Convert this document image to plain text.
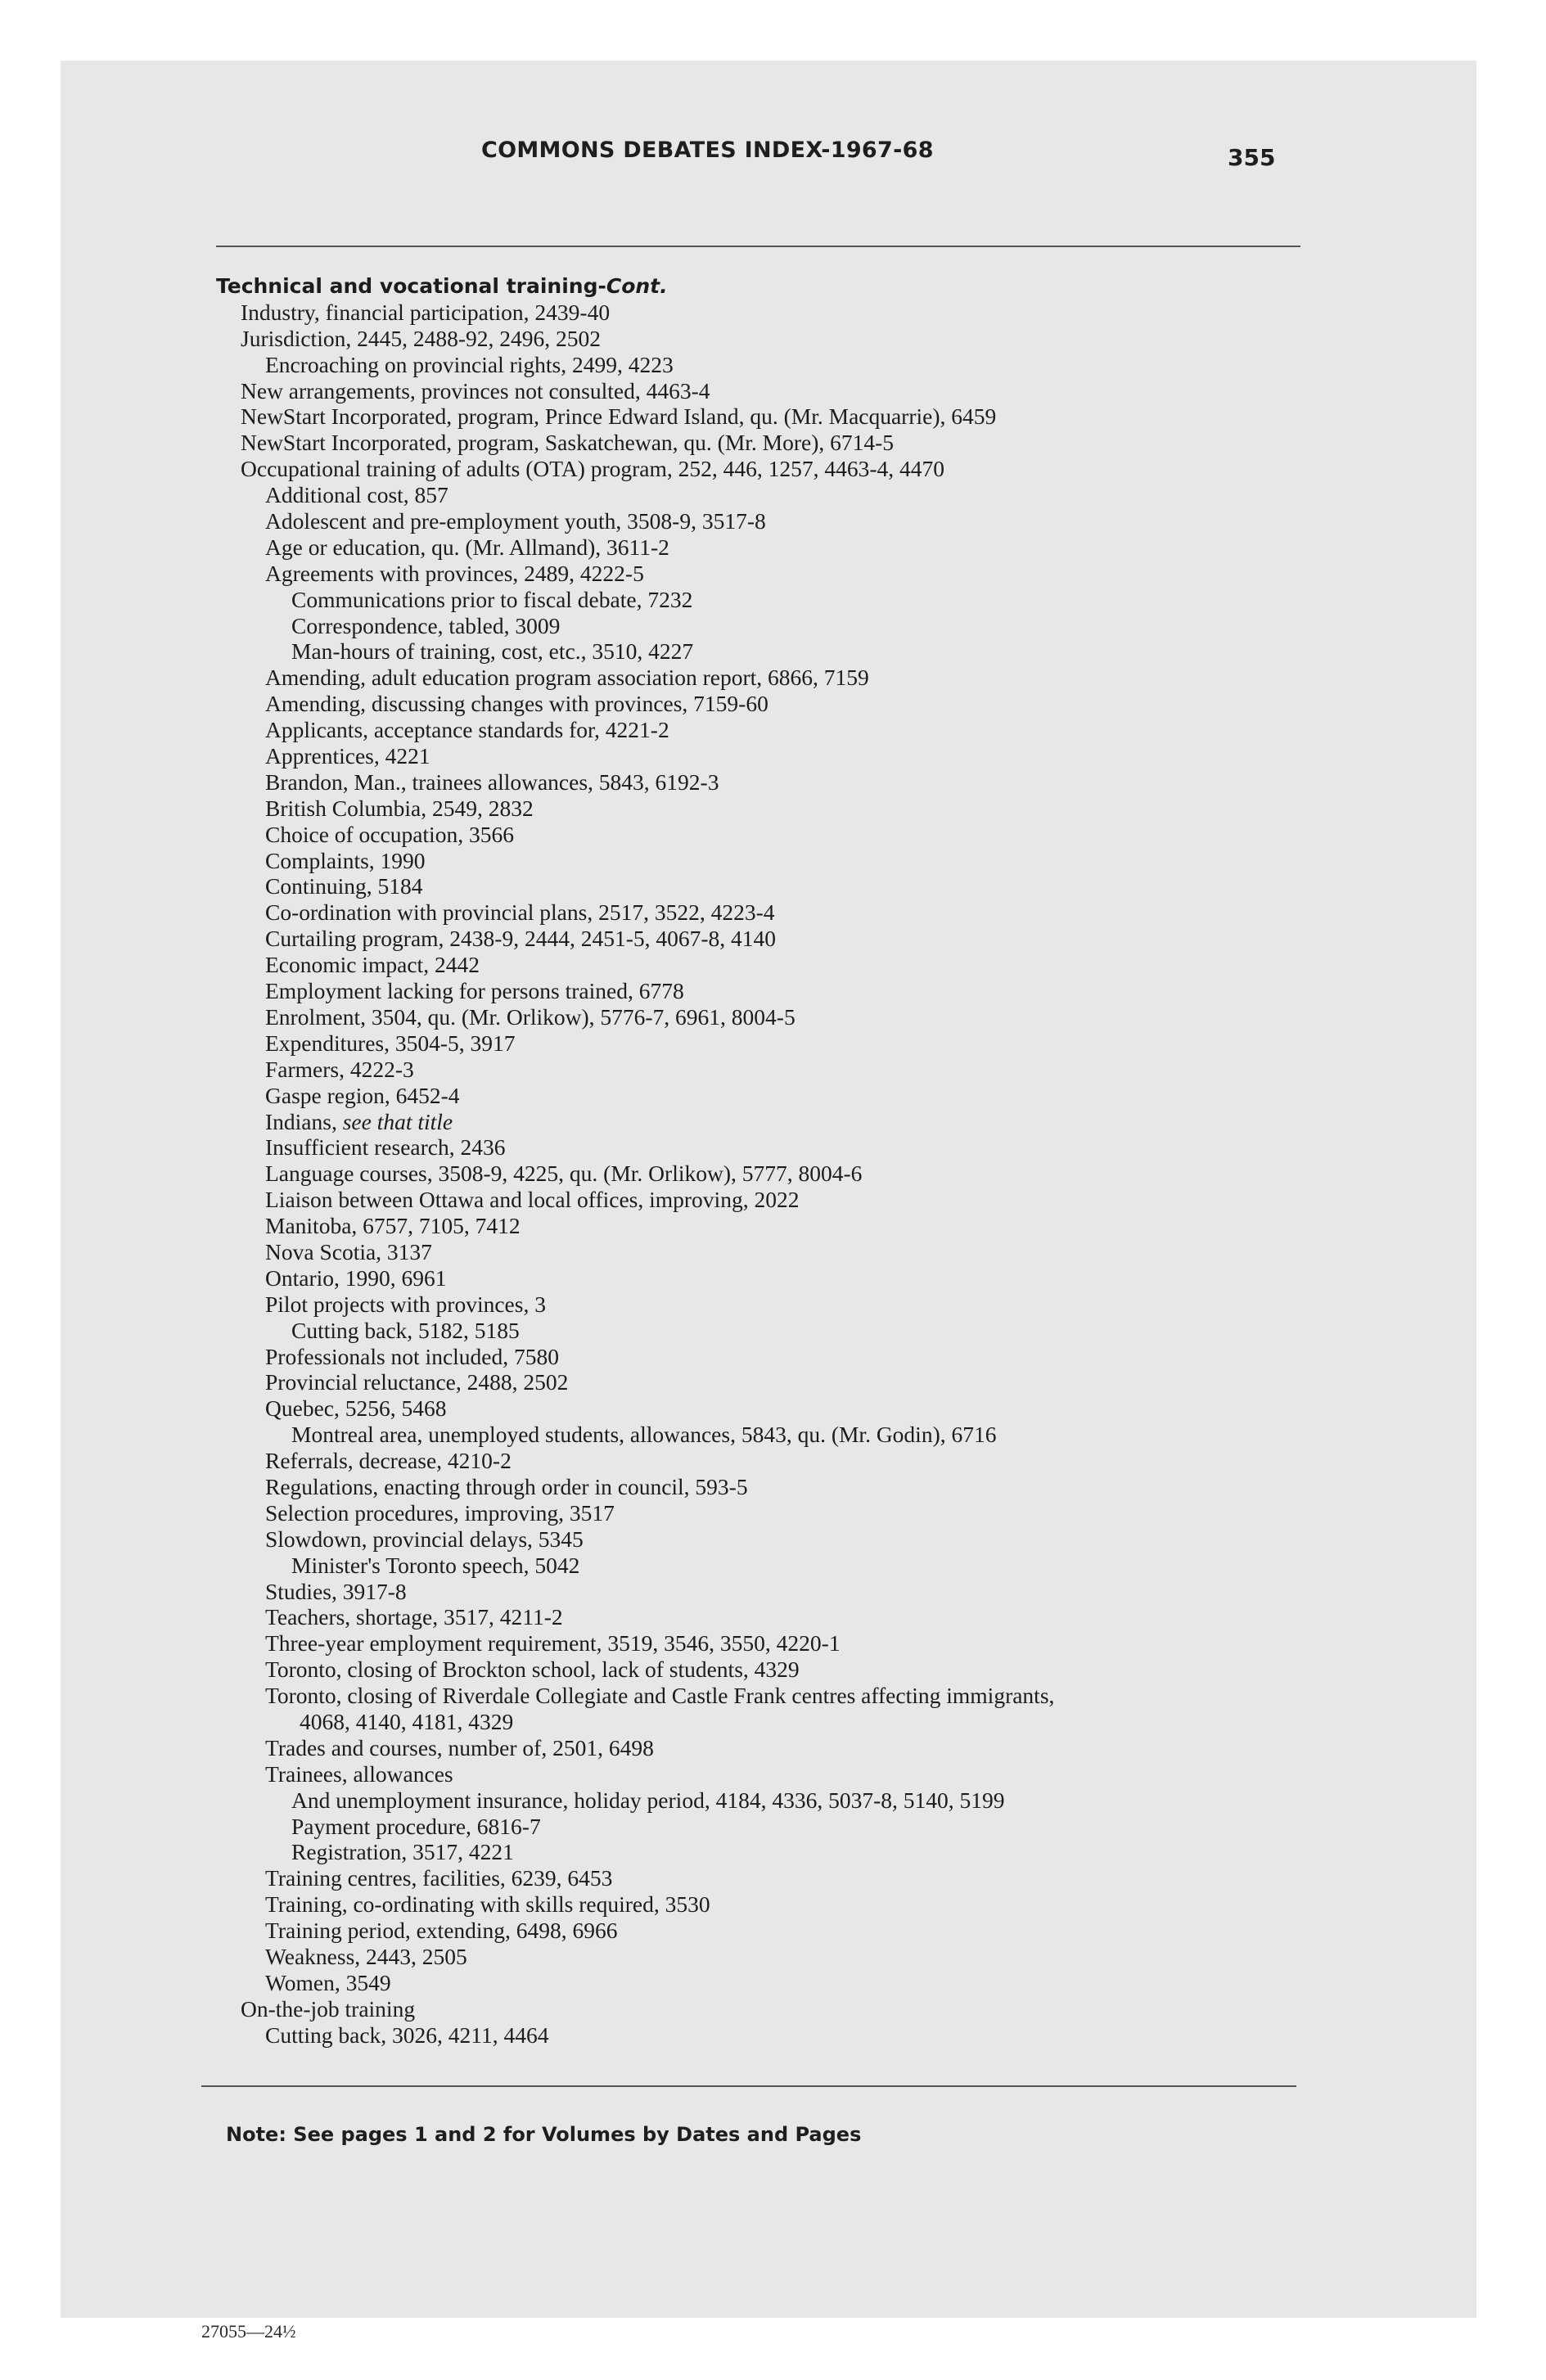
COMMONS DEBATES INDEX-1967-68	355
Technical and vocational training-Cont.
Industry, financial participation, 2439-40
Jurisdiction, 2445, 2488-92, 2496, 2502
Encroaching on provincial rights, 2499, 4223
New arrangements, provinces not consulted, 4463-4
NewStart Incorporated, program, Prince Edward Island, qu. (Mr. Macquarrie), 6459
NewStart Incorporated, program, Saskatchewan, qu. (Mr. More), 6714-5
Occupational training of adults (OTA) program, 252, 446, 1257, 4463-4, 4470
Additional cost, 857
Adolescent and pre-employment youth, 3508-9, 3517-8
Age or education, qu. (Mr. Allmand), 3611-2
Agreements with provinces, 2489, 4222-5
Communications prior to fiscal debate, 7232
Correspondence, tabled, 3009
Man-hours of training, cost, etc., 3510, 4227
Amending, adult education program association report, 6866, 7159
Amending, discussing changes with provinces, 7159-60
Applicants, acceptance standards for, 4221-2
Apprentices, 4221
Brandon, Man., trainees allowances, 5843, 6192-3
British Columbia, 2549, 2832
Choice of occupation, 3566
Complaints, 1990
Continuing, 5184
Co-ordination with provincial plans, 2517, 3522, 4223-4
Curtailing program, 2438-9, 2444, 2451-5, 4067-8, 4140
Economic impact, 2442
Employment lacking for persons trained, 6778
Enrolment, 3504, qu. (Mr. Orlikow), 5776-7, 6961, 8004-5
Expenditures, 3504-5, 3917
Farmers, 4222-3
Gaspe region, 6452-4
Indians, see that title
Insufficient research, 2436
Language courses, 3508-9, 4225, qu. (Mr. Orlikow), 5777, 8004-6
Liaison between Ottawa and local offices, improving, 2022
Manitoba, 6757, 7105, 7412
Nova Scotia, 3137
Ontario, 1990, 6961
Pilot projects with provinces, 3
Cutting back, 5182, 5185
Professionals not included, 7580
Provincial reluctance, 2488, 2502
Quebec, 5256, 5468
Montreal area, unemployed students, allowances, 5843, qu. (Mr. Godin), 6716
Referrals, decrease, 4210-2
Regulations, enacting through order in council, 593-5
Selection procedures, improving, 3517
Slowdown, provincial delays, 5345
Minister's Toronto speech, 5042
Studies, 3917-8
Teachers, shortage, 3517, 4211-2
Three-year employment requirement, 3519, 3546, 3550, 4220-1
Toronto, closing of Brockton school, lack of students, 4329
Toronto, closing of Riverdale Collegiate and Castle Frank centres affecting immigrants,
4068, 4140, 4181, 4329
Trades and courses, number of, 2501, 6498
Trainees, allowances
And unemployment insurance, holiday period, 4184, 4336, 5037-8, 5140, 5199
Payment procedure, 6816-7
Registration, 3517, 4221
Training centres, facilities, 6239, 6453
Training, co-ordinating with skills required, 3530
Training period, extending, 6498, 6966
Weakness, 2443, 2505
Women, 3549
On-the-job training
Cutting back, 3026, 4211, 4464
Note: See pages 1 and 2 for Volumes by Dates and Pages
27055—24½
